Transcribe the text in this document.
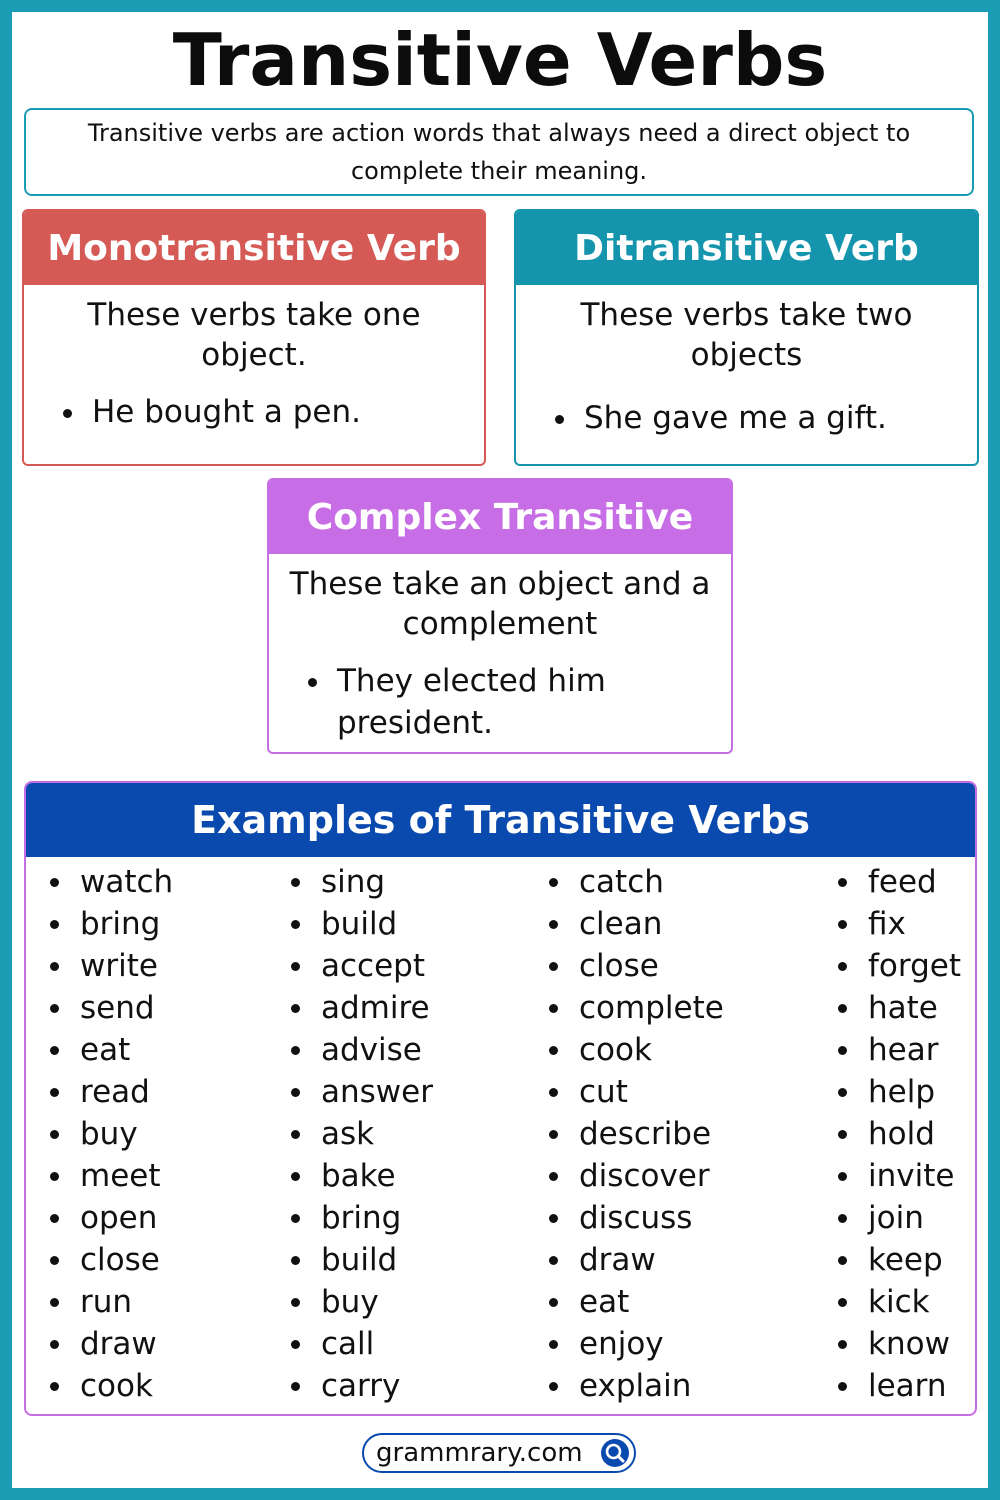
Transitive Verbs
Transitive verbs are action words that always need a direct object to complete their meaning.
Monotransitive Verb
These verbs take one object.
• He bought a pen.
Ditransitive Verb
These verbs take two objects
• She gave me a gift.
Complex Transitive
These take an object and a complement
• They elected him president.
Examples of Transitive Verbs
watch
bring
write
send
eat
read
buy
meet
open
close
run
draw
cook
sing
build
accept
admire
advise
answer
ask
bake
bring
build
buy
call
carry
catch
clean
close
complete
cook
cut
describe
discover
discuss
draw
eat
enjoy
explain
feed
fix
forget
hate
hear
help
hold
invite
join
keep
kick
know
learn
grammrary.com
